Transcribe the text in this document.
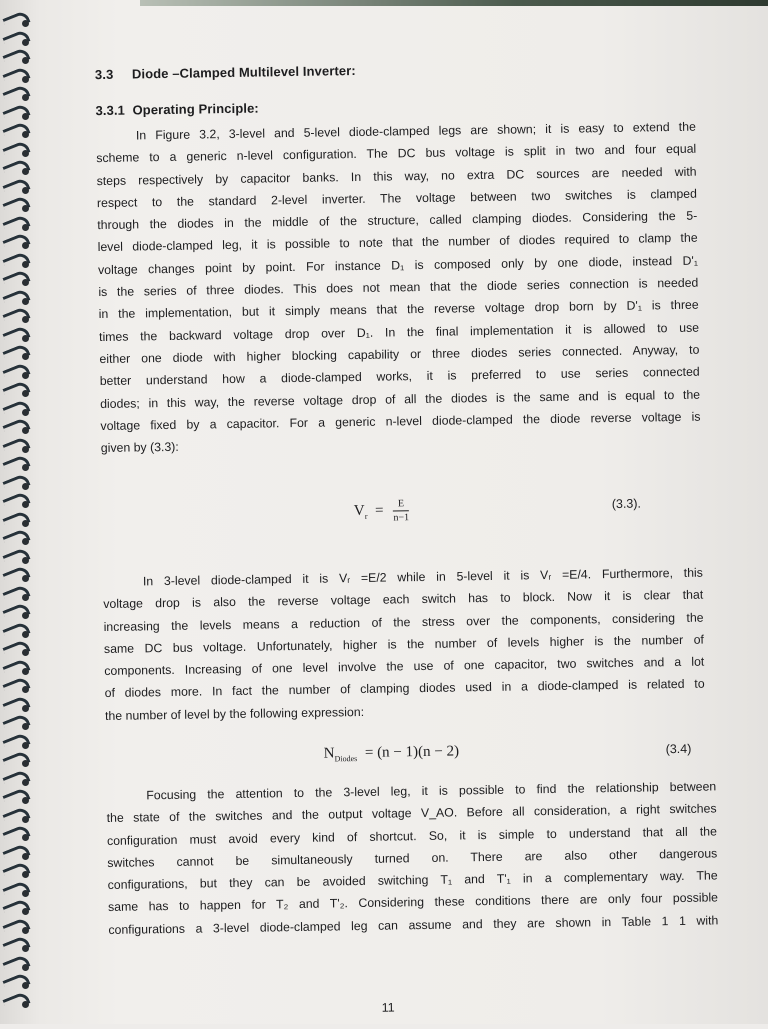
3.3 Diode –Clamped Multilevel Inverter:
3.3.1 Operating Principle:
In Figure 3.2, 3-level and 5-level diode-clamped legs are shown; it is easy to extend the
scheme to a generic n-level configuration. The DC bus voltage is split in two and four equal
steps respectively by capacitor banks. In this way, no extra DC sources are needed with
respect to the standard 2-level inverter. The voltage between two switches is clamped
through the diodes in the middle of the structure, called clamping diodes. Considering the 5-
level diode-clamped leg, it is possible to note that the number of diodes required to clamp the
voltage changes point by point. For instance D₁ is composed only by one diode, instead D'₁
is the series of three diodes. This does not mean that the diode series connection is needed
in the implementation, but it simply means that the reverse voltage drop born by D'₁ is three
times the backward voltage drop over D₁. In the final implementation it is allowed to use
either one diode with higher blocking capability or three diodes series connected. Anyway, to
better understand how a diode-clamped works, it is preferred to use series connected
diodes; in this way, the reverse voltage drop of all the diodes is the same and is equal to the
voltage fixed by a capacitor. For a generic n-level diode-clamped the diode reverse voltage is
given by (3.3):
$V_r = \frac{E}{n-1}$	(3.3).
In 3-level diode-clamped it is Vᵣ =E/2 while in 5-level it is Vᵣ =E/4. Furthermore, this
voltage drop is also the reverse voltage each switch has to block. Now it is clear that
increasing the levels means a reduction of the stress over the components, considering the
same DC bus voltage. Unfortunately, higher is the number of levels higher is the number of
components. Increasing of one level involve the use of one capacitor, two switches and a lot
of diodes more. In fact the number of clamping diodes used in a diode-clamped is related to
the number of level by the following expression:
$N_{Diodes} = (n - 1)(n - 2)$	(3.4)
Focusing the attention to the 3-level leg, it is possible to find the relationship between
the state of the switches and the output voltage V_AO. Before all consideration, a right switches
configuration must avoid every kind of shortcut. So, it is simple to understand that all the
switches cannot be simultaneously turned on. There are also other dangerous
configurations, but they can be avoided switching T₁ and T'₁ in a complementary way. The
same has to happen for T₂ and T'₂. Considering these conditions there are only four possible
configurations a 3-level diode-clamped leg can assume and they are shown in Table 1 1 with
11
